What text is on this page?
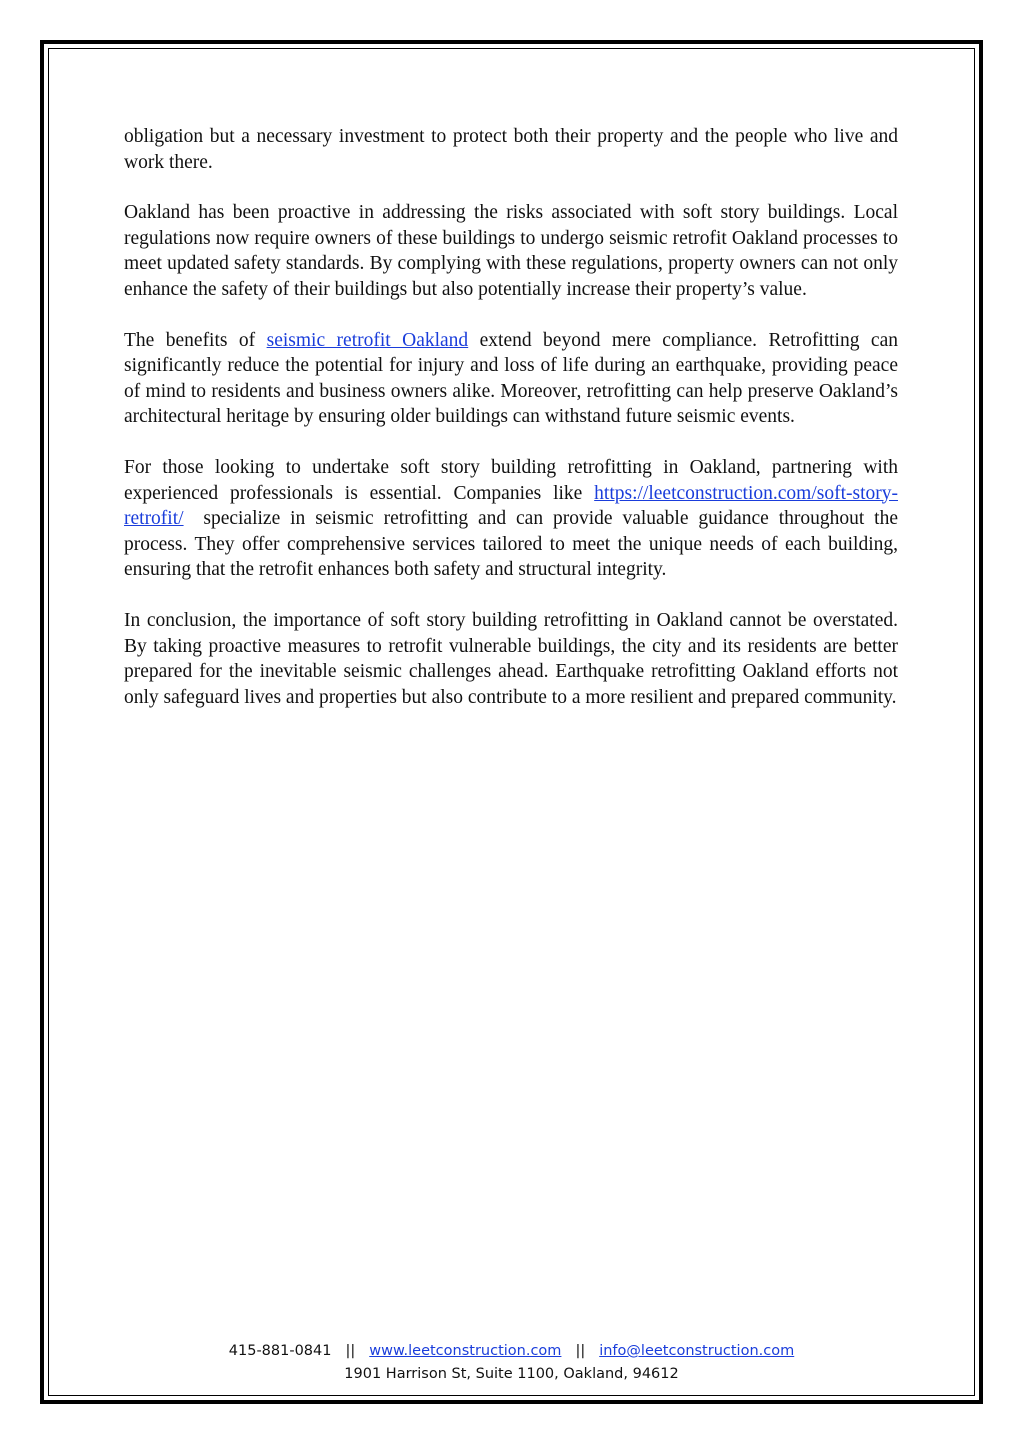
obligation but a necessary investment to protect both their property and the people who live and work there.

Oakland has been proactive in addressing the risks associated with soft story buildings. Local regulations now require owners of these buildings to undergo seismic retrofit Oakland processes to meet updated safety standards. By complying with these regulations, property owners can not only enhance the safety of their buildings but also potentially increase their property’s value.

The benefits of seismic retrofit Oakland extend beyond mere compliance. Retrofitting can significantly reduce the potential for injury and loss of life during an earthquake, providing peace of mind to residents and business owners alike. Moreover, retrofitting can help preserve Oakland’s architectural heritage by ensuring older buildings can withstand future seismic events.

For those looking to undertake soft story building retrofitting in Oakland, partnering with experienced professionals is essential. Companies like https://leetconstruction.com/soft-story-retrofit/  specialize in seismic retrofitting and can provide valuable guidance throughout the process. They offer comprehensive services tailored to meet the unique needs of each building, ensuring that the retrofit enhances both safety and structural integrity.

In conclusion, the importance of soft story building retrofitting in Oakland cannot be overstated. By taking proactive measures to retrofit vulnerable buildings, the city and its residents are better prepared for the inevitable seismic challenges ahead. Earthquake retrofitting Oakland efforts not only safeguard lives and properties but also contribute to a more resilient and prepared community.

415-881-0841 || www.leetconstruction.com || info@leetconstruction.com
1901 Harrison St, Suite 1100, Oakland, 94612
